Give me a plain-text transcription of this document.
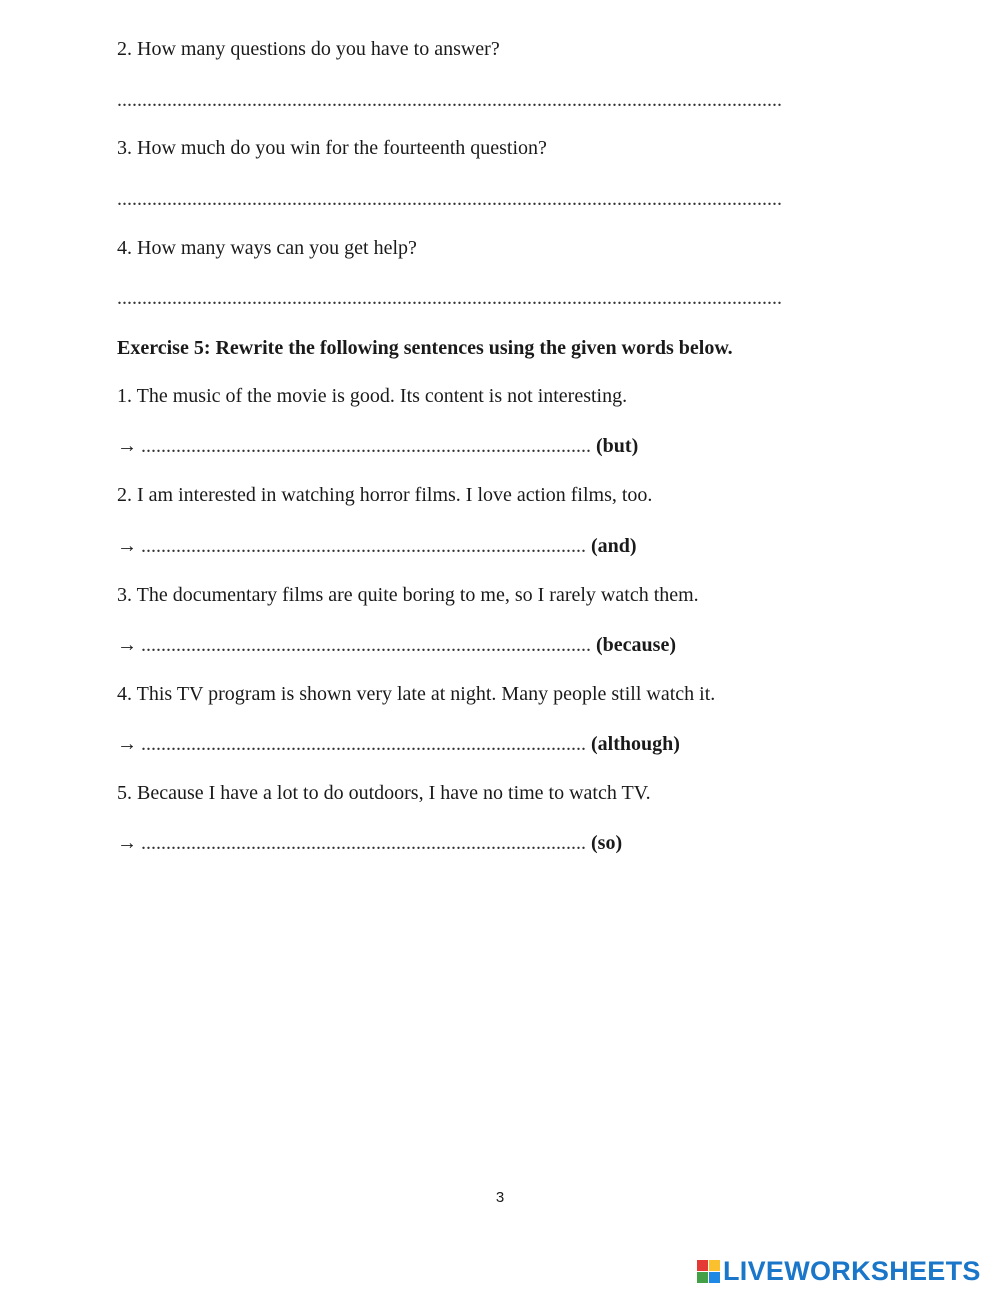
2. How many questions do you have to answer?
.....................................................................................................................................
3. How much do you win for the fourteenth question?
.....................................................................................................................................
4. How many ways can you get help?
.....................................................................................................................................
Exercise 5: Rewrite the following sentences using the given words below.
1. The music of the movie is good. Its content is not interesting.
→ .......................................................................................... (but)
2. I am interested in watching horror films. I love action films, too.
→ ......................................................................................... (and)
3. The documentary films are quite boring to me, so I rarely watch them.
→ .......................................................................................... (because)
4. This TV program is shown very late at night. Many people still watch it.
→ ......................................................................................... (although)
5. Because I have a lot to do outdoors, I have no time to watch TV.
→ ......................................................................................... (so)
3
LIVEWORKSHEETS
